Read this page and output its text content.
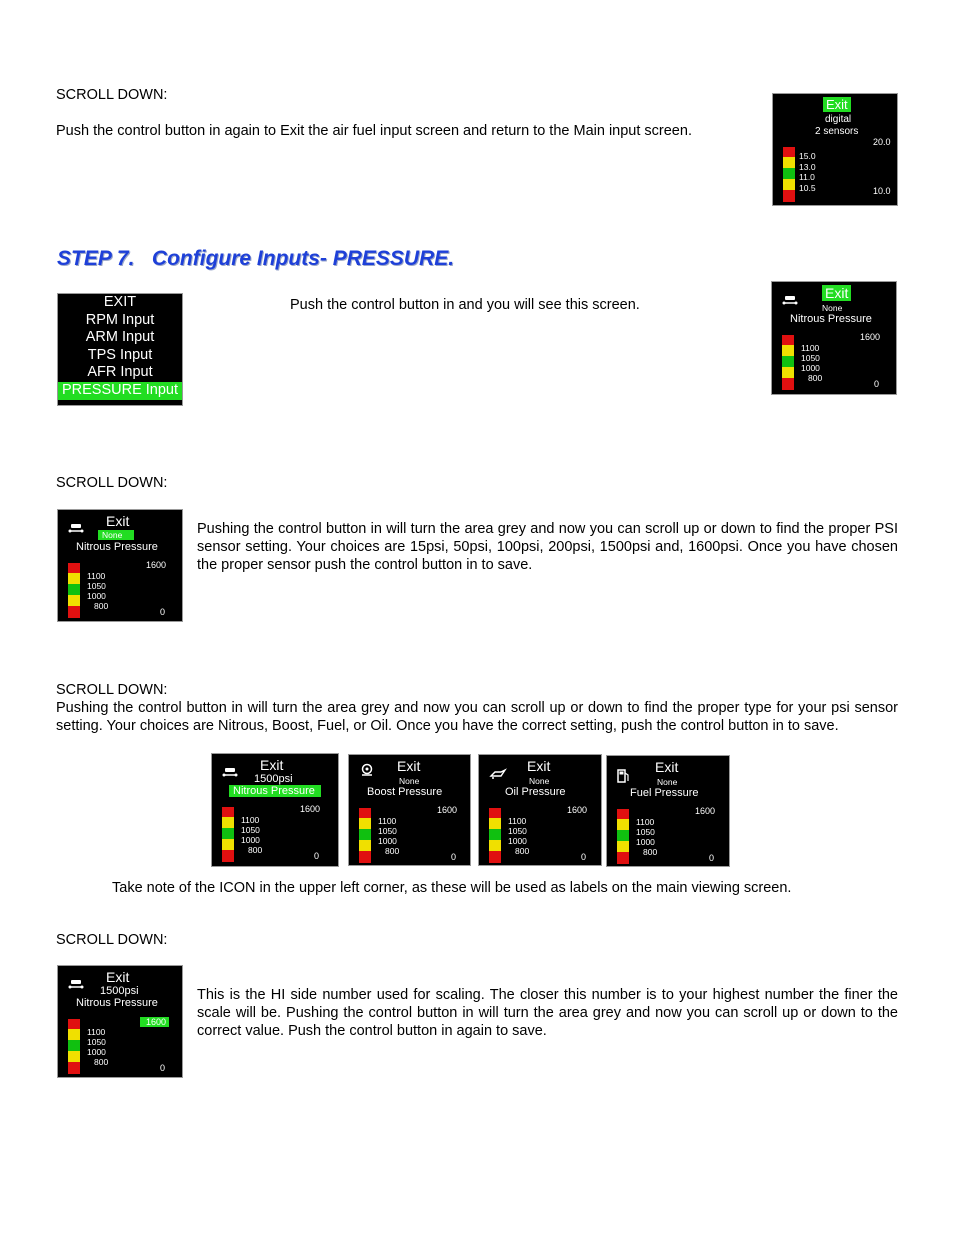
SCROLL DOWN:

Push the control button in again to Exit the air fuel input screen and return to the Main input screen.

Exit
digital
2 sensors
20.0
15.0
13.0
11.0
10.5	10.0

STEP 7.   Configure Inputs- PRESSURE.

EXIT
RPM Input
ARM Input
TPS Input
AFR Input
PRESSURE Input

Push the control button in and you will see this screen.

Exit
None
Nitrous Pressure
1600
1100
1050
1000
800
0
Exit
None
Nitrous Pressure
1600
1100
1050
1000
800
0
Exit
1500psi
Nitrous Pressure
1600
1100
1050
1000
800
0
Exit
None
Boost Pressure
1600
1100
1050
1000
800
0
Exit
None
Oil Pressure
1600
1100
1050
1000
800
0
Exit
None
Fuel Pressure
1600
1100
1050
1000
800
0
Exit
1500psi
Nitrous Pressure
1600
1100
1050
1000
800
0

SCROLL DOWN:

Pushing the control button in will turn the area grey and now you can scroll up or down to find the proper PSI sensor setting. Your choices are 15psi, 50psi, 100psi, 200psi, 1500psi and, 1600psi. Once you have chosen the proper sensor push the control button in to save.

SCROLL DOWN:

Pushing the control button in will turn the area grey and now you can scroll up or down to find the proper type for your psi sensor setting. Your choices are Nitrous, Boost, Fuel, or Oil. Once you have the correct setting, push the control button in to save.

Take note of the ICON in the upper left corner, as these will be used as labels on the main viewing screen.

SCROLL DOWN:

This is the HI side number used for scaling. The closer this number is to your highest number the finer the scale will be. Pushing the control button in will turn the area grey and now you can scroll up or down to the correct value. Push the control button in again to save.
